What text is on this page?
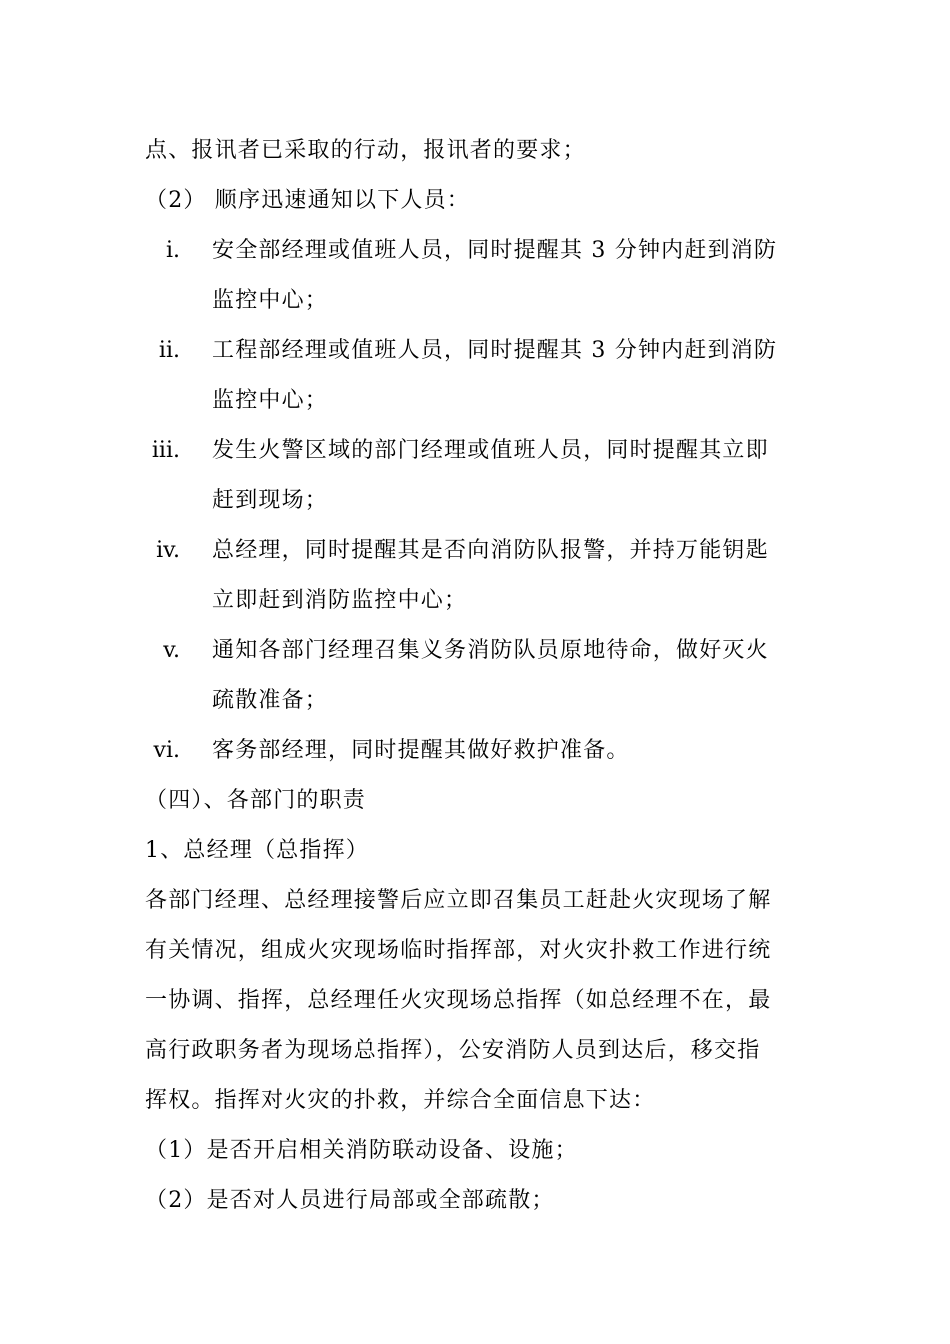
点、报讯者已采取的行动，报讯者的要求；
（2） 顺序迅速通知以下人员：
i. 安全部经理或值班人员，同时提醒其 3 分钟内赶到消防
监控中心；
ii. 工程部经理或值班人员，同时提醒其 3 分钟内赶到消防
监控中心；
iii. 发生火警区域的部门经理或值班人员，同时提醒其立即
赶到现场；
iv. 总经理，同时提醒其是否向消防队报警，并持万能钥匙
立即赶到消防监控中心；
v. 通知各部门经理召集义务消防队员原地待命，做好灭火
疏散准备；
vi. 客务部经理，同时提醒其做好救护准备。
（四）、各部门的职责
1、总经理（总指挥）
各部门经理、总经理接警后应立即召集员工赶赴火灾现场了解
有关情况，组成火灾现场临时指挥部，对火灾扑救工作进行统
一协调、指挥，总经理任火灾现场总指挥（如总经理不在，最
高行政职务者为现场总指挥），公安消防人员到达后，移交指
挥权。指挥对火灾的扑救，并综合全面信息下达：
（1）是否开启相关消防联动设备、设施；
（2）是否对人员进行局部或全部疏散；
